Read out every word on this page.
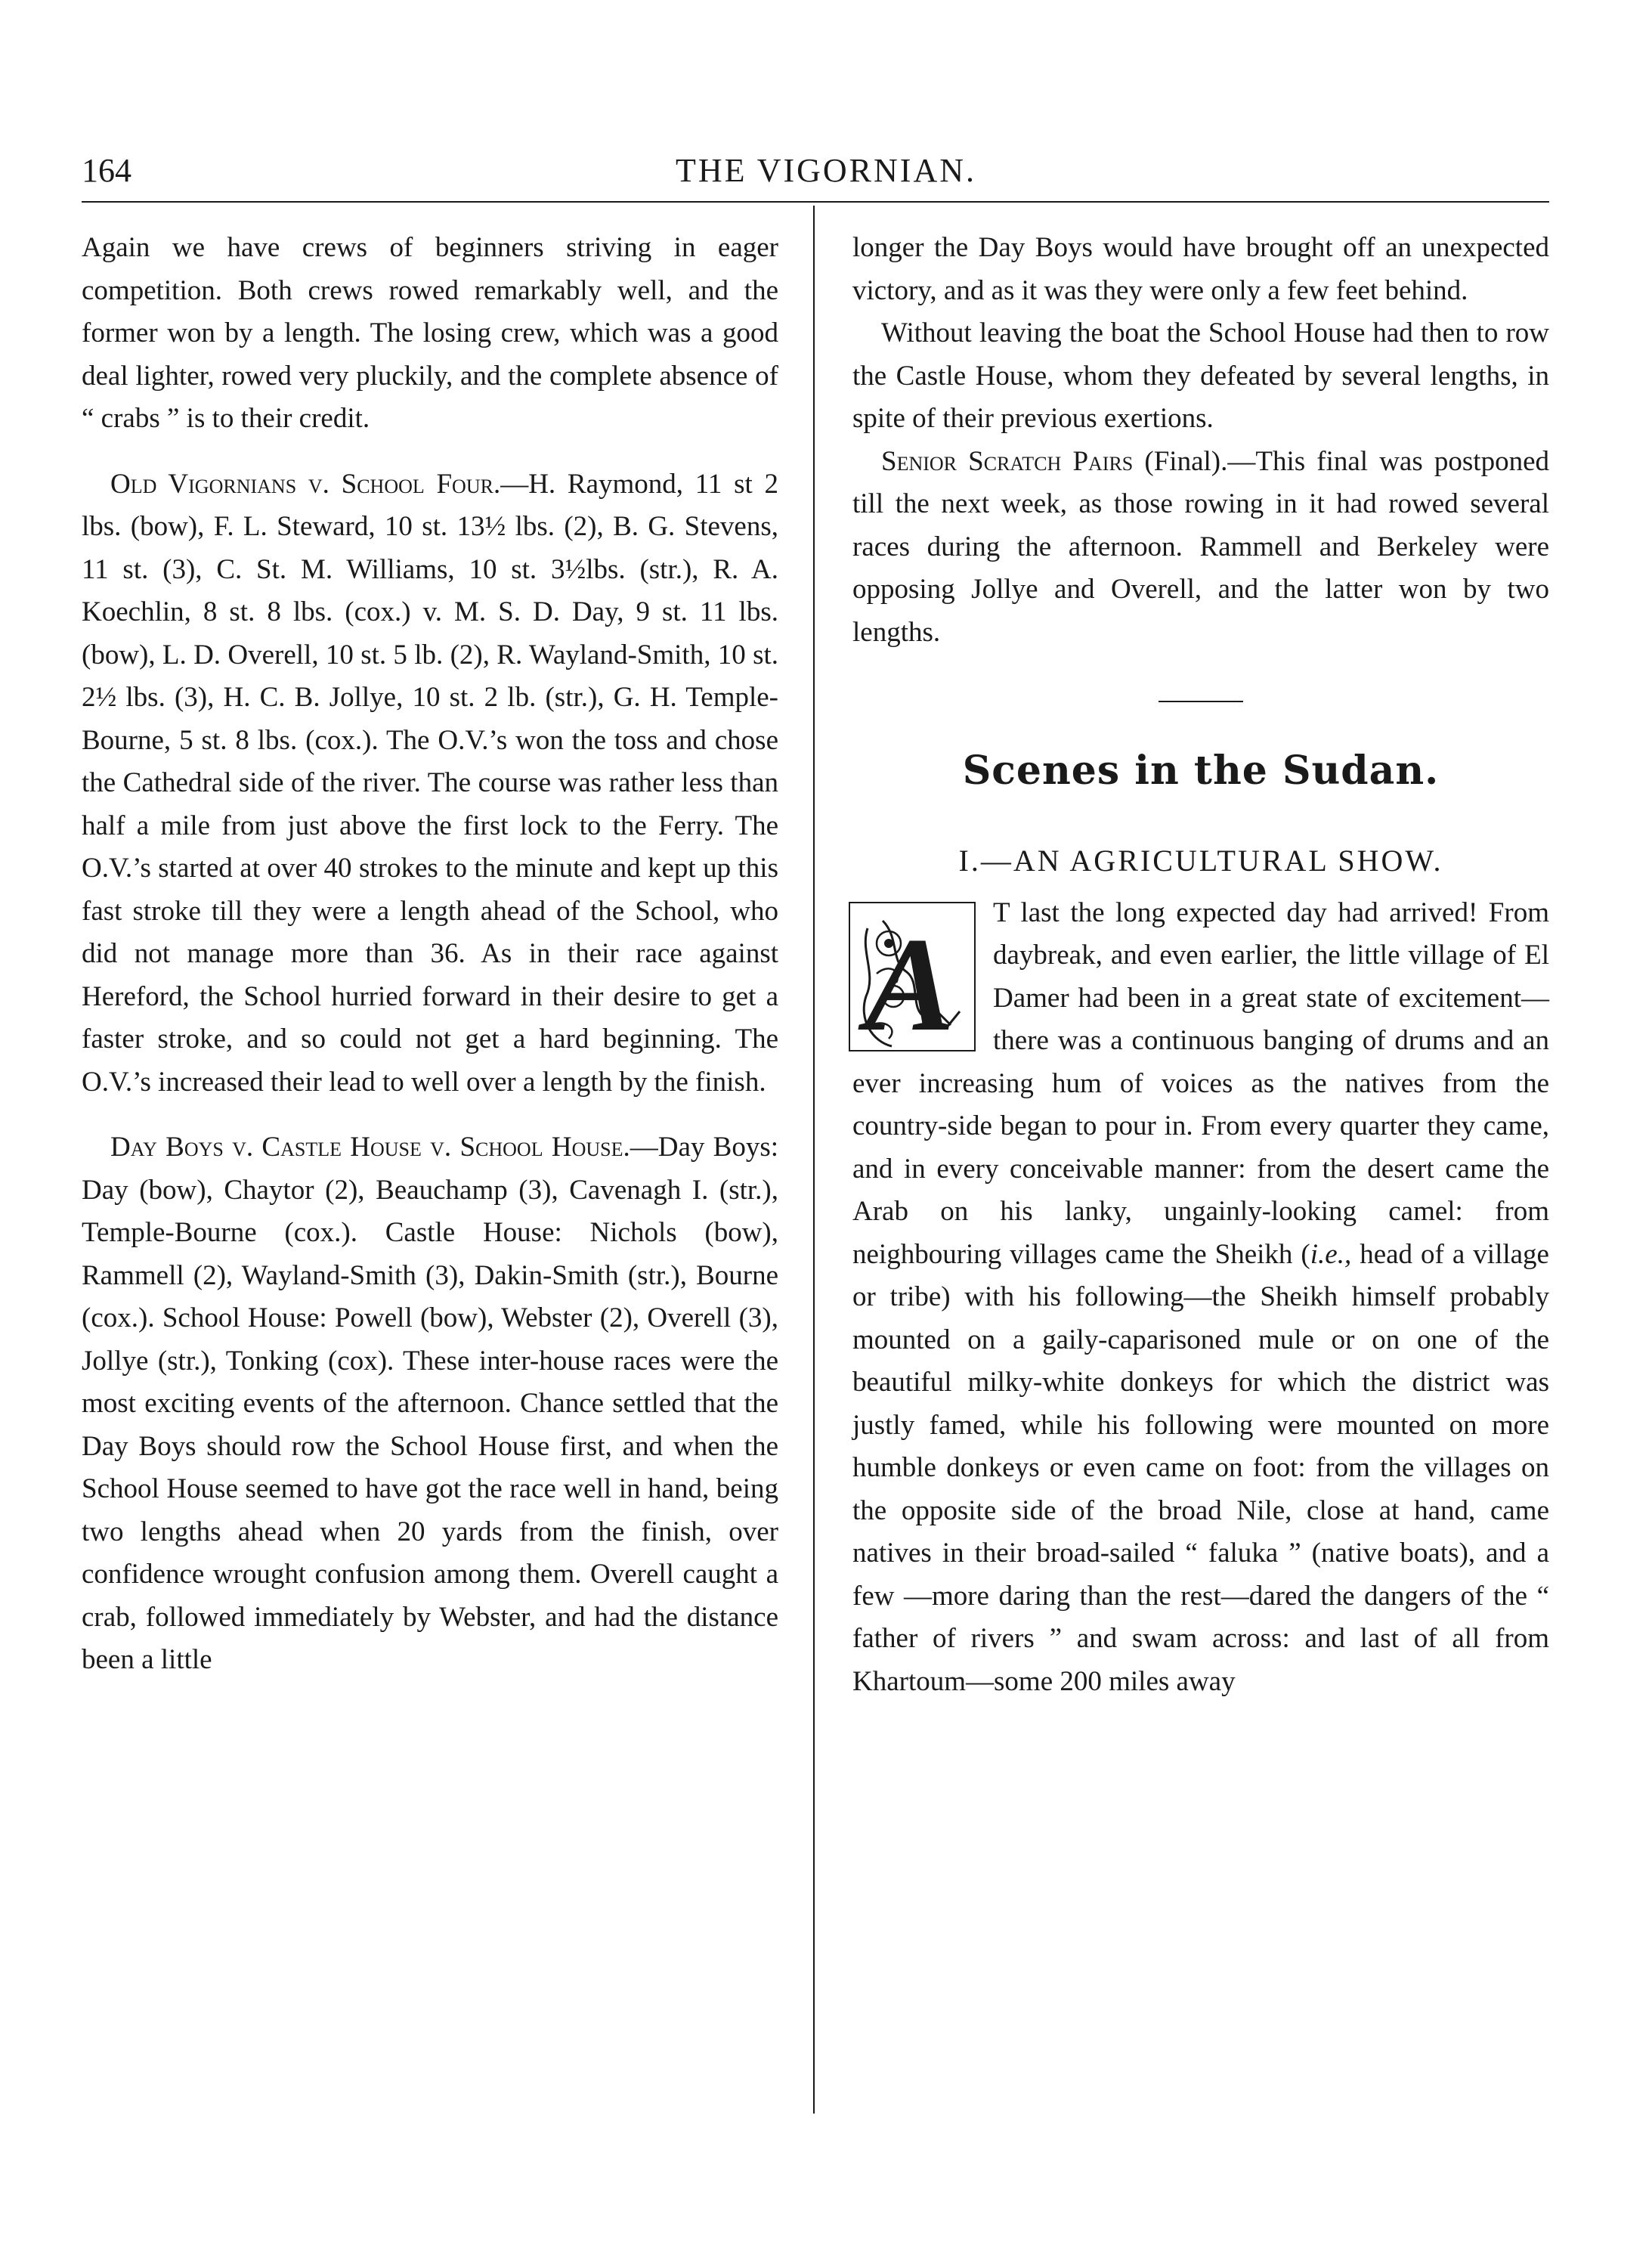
164	THE VIGORNIAN.

Again we have crews of beginners striving in eager competition. Both crews rowed remarkably well, and the former won by a length. The losing crew, which was a good deal lighter, rowed very pluckily, and the complete absence of “ crabs ” is to their credit.

Old Vigornians v. School Four.—H. Raymond, 11 st 2 lbs. (bow), F. L. Steward, 10 st. 13½ lbs. (2), B. G. Stevens, 11 st. (3), C. St. M. Williams, 10 st. 3½lbs. (str.), R. A. Koechlin, 8 st. 8 lbs. (cox.) v. M. S. D. Day, 9 st. 11 lbs. (bow), L. D. Overell, 10 st. 5 lb. (2), R. Wayland-Smith, 10 st. 2½ lbs. (3), H. C. B. Jollye, 10 st. 2 lb. (str.), G. H. Temple-Bourne, 5 st. 8 lbs. (cox.). The O.V.’s won the toss and chose the Cathedral side of the river. The course was rather less than half a mile from just above the first lock to the Ferry. The O.V.’s started at over 40 strokes to the minute and kept up this fast stroke till they were a length ahead of the School, who did not manage more than 36. As in their race against Hereford, the School hurried forward in their desire to get a faster stroke, and so could not get a hard beginning. The O.V.’s increased their lead to well over a length by the finish.

Day Boys v. Castle House v. School House.—Day Boys: Day (bow), Chaytor (2), Beauchamp (3), Cavenagh I. (str.), Temple-Bourne (cox.). Castle House: Nichols (bow), Rammell (2), Wayland-Smith (3), Dakin-Smith (str.), Bourne (cox.). School House: Powell (bow), Webster (2), Overell (3), Jollye (str.), Tonking (cox). These inter-house races were the most exciting events of the afternoon. Chance settled that the Day Boys should row the School House first, and when the School House seemed to have got the race well in hand, being two lengths ahead when 20 yards from the finish, over confidence wrought confusion among them. Overell caught a crab, followed immediately by Webster, and had the distance been a little

longer the Day Boys would have brought off an unexpected victory, and as it was they were only a few feet behind.

Without leaving the boat the School House had then to row the Castle House, whom they defeated by several lengths, in spite of their previous exertions.

Senior Scratch Pairs (Final).—This final was postponed till the next week, as those rowing in it had rowed several races during the afternoon. Rammell and Berkeley were opposing Jollye and Overell, and the latter won by two lengths.

Scenes in the Sudan.

I.—AN AGRICULTURAL SHOW.

A T last the long expected day had arrived! From daybreak, and even earlier, the little village of El Damer had been in a great state of excitement—there was a continuous banging of drums and an ever increasing hum of voices as the natives from the country-side began to pour in. From every quarter they came, and in every conceivable manner: from the desert came the Arab on his lanky, ungainly-looking camel: from neighbouring villages came the Sheikh (i.e., head of a village or tribe) with his following—the Sheikh himself probably mounted on a gaily-caparisoned mule or on one of the beautiful milky-white donkeys for which the district was justly famed, while his following were mounted on more humble donkeys or even came on foot: from the villages on the opposite side of the broad Nile, close at hand, came natives in their broad-sailed “ faluka ” (native boats), and a few —more daring than the rest—dared the dangers of the “ father of rivers ” and swam across: and last of all from Khartoum—some 200 miles away
